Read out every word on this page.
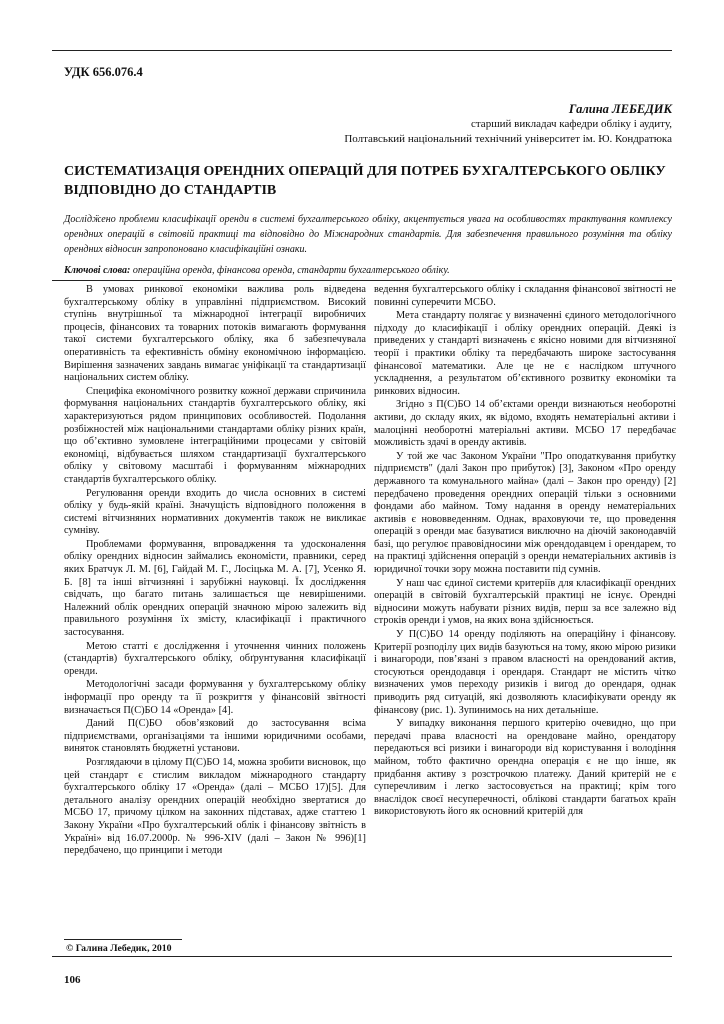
УДК 656.076.4
Галина ЛЕБЕДИК
старший викладач кафедри обліку і аудиту,
Полтавський національний технічний університет ім. Ю. Кондратюка
СИСТЕМАТИЗАЦІЯ ОРЕНДНИХ ОПЕРАЦІЙ ДЛЯ ПОТРЕБ БУХГАЛТЕРСЬКОГО ОБЛІКУ ВІДПОВІДНО ДО СТАНДАРТІВ
Дослідӝено проблеми класифікації оренди в системі бухгалтерського обліку, акцентується увага на особливостях трактування комплексу орендних операцій в світовій практиці та відповідно до Міжнародних стандартів. Для забезпечення правильного розуміння та обліку орендних відносин запропоновано класифікаційні ознаки.
Ключові слова: операційна оренда, фінансова оренда, стандарти бухгалтерського обліку.

В умовах ринкової економіки важлива роль відведена бухгалтерському обліку в управлінні підприємством. Високий ступінь внутрішньої та міжнародної інтеграції виробничих процесів, фінансових та товарних потоків вимагають формування такої системи бухгалтерського обліку, яка б забезпечувала оперативність та ефективність обміну економічною інформацією. Вирішення зазначених завдань вимагає уніфікації та стандартизації національних систем обліку.

Специфіка економічного розвитку кожної держави спричинила формування національних стандартів бухгалтерського обліку, які характеризуються рядом принципових особливостей. Подолання розбіжностей між національними стандартами обліку різних країн, що об’єктивно зумовлене інтеграційними процесами у світовій економіці, відбувається шляхом стандартизації бухгалтерського обліку у світовому масштабі і формуванням міжнародних стандартів бухгалтерського обліку.

Регулювання оренди входить до числа основних в системі обліку у будь-якій країні. Значущість відповідного положення в системі вітчизняних нормативних документів також не викликає сумніву.

Проблемами формування, впровадження та удосконалення обліку орендних відносин займались економісти, правники, серед яких Братчук Л. М. [6], Гайдай М. Г., Лосіцька М. А. [7], Усенко Я. Б. [8] та інші вітчизняні і зарубіжні науковці. Їх дослідження свідчать, що багато питань залишається ще невирішеними. Належний облік орендних операцій значною мірою залежить від правильного розуміння їх змісту, класифікації і практичного застосування.

Метою статті є дослідження і уточнення чинних положень (стандартів) бухгалтерського обліку, обґрунтування класифікації оренди.

Методологічні засади формування у бухгалтерському обліку інформації про оренду та її розкриття у фінансовій звітності визначається П(С)БО 14 «Оренда» [4].

Даний П(С)БО обов’язковий до застосування всіма підприємствами, організаціями та іншими юридичними особами, виняток становлять бюджетні установи.

Розглядаючи в цілому П(С)БО 14, можна зробити висновок, що цей стандарт є стислим викладом міжнародного стандарту бухгалтерського обліку 17 «Оренда» (далі – МСБО 17)[5]. Для детального аналізу орендних операцій необхідно звертатися до МСБО 17, причому цілком на законних підставах, адже статтею 1 Закону України «Про бухгалтерський облік і фінансову звітність в Україні» від 16.07.2000р. № 996-XIV (далі – Закон № 996)[1] передбачено, що принципи і методи

ведення бухгалтерського обліку і складання фінансової звітності не повинні суперечити МСБО.

Мета стандарту полягає у визначенні єдиного методологічного підходу до класифікації і обліку орендних операцій. Деякі із приведених у стандарті визначень є якісно новими для вітчизняної теорії і практики обліку та передбачають широке застосування фінансової математики. Але це не є наслідком штучного ускладнення, а результатом об’єктивного розвитку економіки та ринкових відносин.

Згідно з П(С)БО 14 об’єктами оренди визнаються необоротні активи, до складу яких, як відомо, входять нематеріальні активи і малоцінні необоротні матеріальні активи. МСБО 17 передбачає можливість здачі в оренду активів.

У той же час Законом України "Про оподаткування прибутку підприємств" (далі Закон про прибуток) [3], Законом «Про оренду державного та комунального майна» (далі – Закон про оренду) [2] передбачено проведення орендних операцій тільки з основними фондами або майном. Тому надання в оренду нематеріальних активів є нововведенням. Однак, враховуючи те, що проведення операцій з оренди має базуватися виключно на діючій законодавчій базі, що регулює правовідносини між орендодавцем і орендарем, то на практиці здійснення операцій з оренди нематеріальних активів із юридичної точки зору можна поставити під сумнів.

У наш час єдиної системи критеріїв для класифікації орендних операцій в світовій бухгалтерській практиці не існує. Орендні відносини можуть набувати різних видів, перш за все залежно від строків оренди і умов, на яких вона здійснюється.

У П(С)БО 14 оренду поділяють на операційну і фінансову. Критерії розподілу цих видів базуються на тому, якою мірою ризики і винагороди, пов’язані з правом власності на орендований актив, стосуються орендодавця і орендаря. Стандарт не містить чітко визначених умов переходу ризиків і вигод до орендаря, однак приводить ряд ситуацій, які дозволяють класифікувати оренду як фінансову (рис. 1). Зупинимось на них детальніше.

У випадку виконання першого критерію очевидно, що при передачі права власності на орендоване майно, орендатору передаються всі ризики і винагороди від користування і володіння майном, тобто фактично орендна операція є не що інше, як придбання активу з розстрочкою платежу. Даний критерій не є суперечливим і легко застосовується на практиці; крім того внаслідок своєї несуперечності, облікові стандарти багатьох країн використовують його як основний критерій для

© Галина Лебедик, 2010
106
